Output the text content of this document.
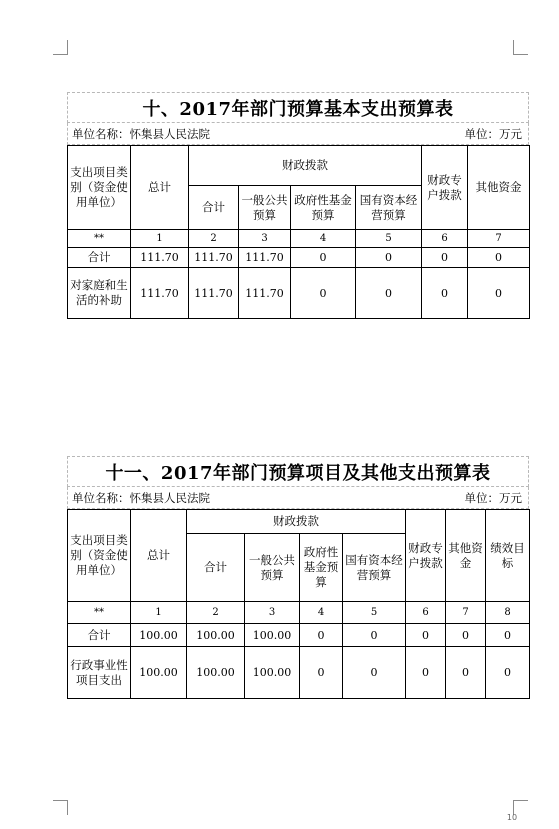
十、2017年部门预算基本支出预算表
单位名称：怀集县人民法院	单位：万元
支出项目类别（资金使用单位）	总计	财政拨款				财政专户拨款	其他资金
		合计	一般公共预算	政府性基金预算	国有资本经营预算		
**	1	2	3	4	5	6	7
合计	111.70	111.70	111.70	0	0	0	0
对家庭和生活的补助	111.70	111.70	111.70	0	0	0	0
十一、2017年部门预算项目及其他支出预算表
单位名称：怀集县人民法院	单位：万元
支出项目类别（资金使用单位）	总计	财政拨款				财政专户拨款	其他资金	绩效目标
		合计	一般公共预算	政府性基金预算	国有资本经营预算			
**	1	2	3	4	5	6	7	8
合计	100.00	100.00	100.00	0	0	0	0	0
行政事业性项目支出	100.00	100.00	100.00	0	0	0	0	0
10
